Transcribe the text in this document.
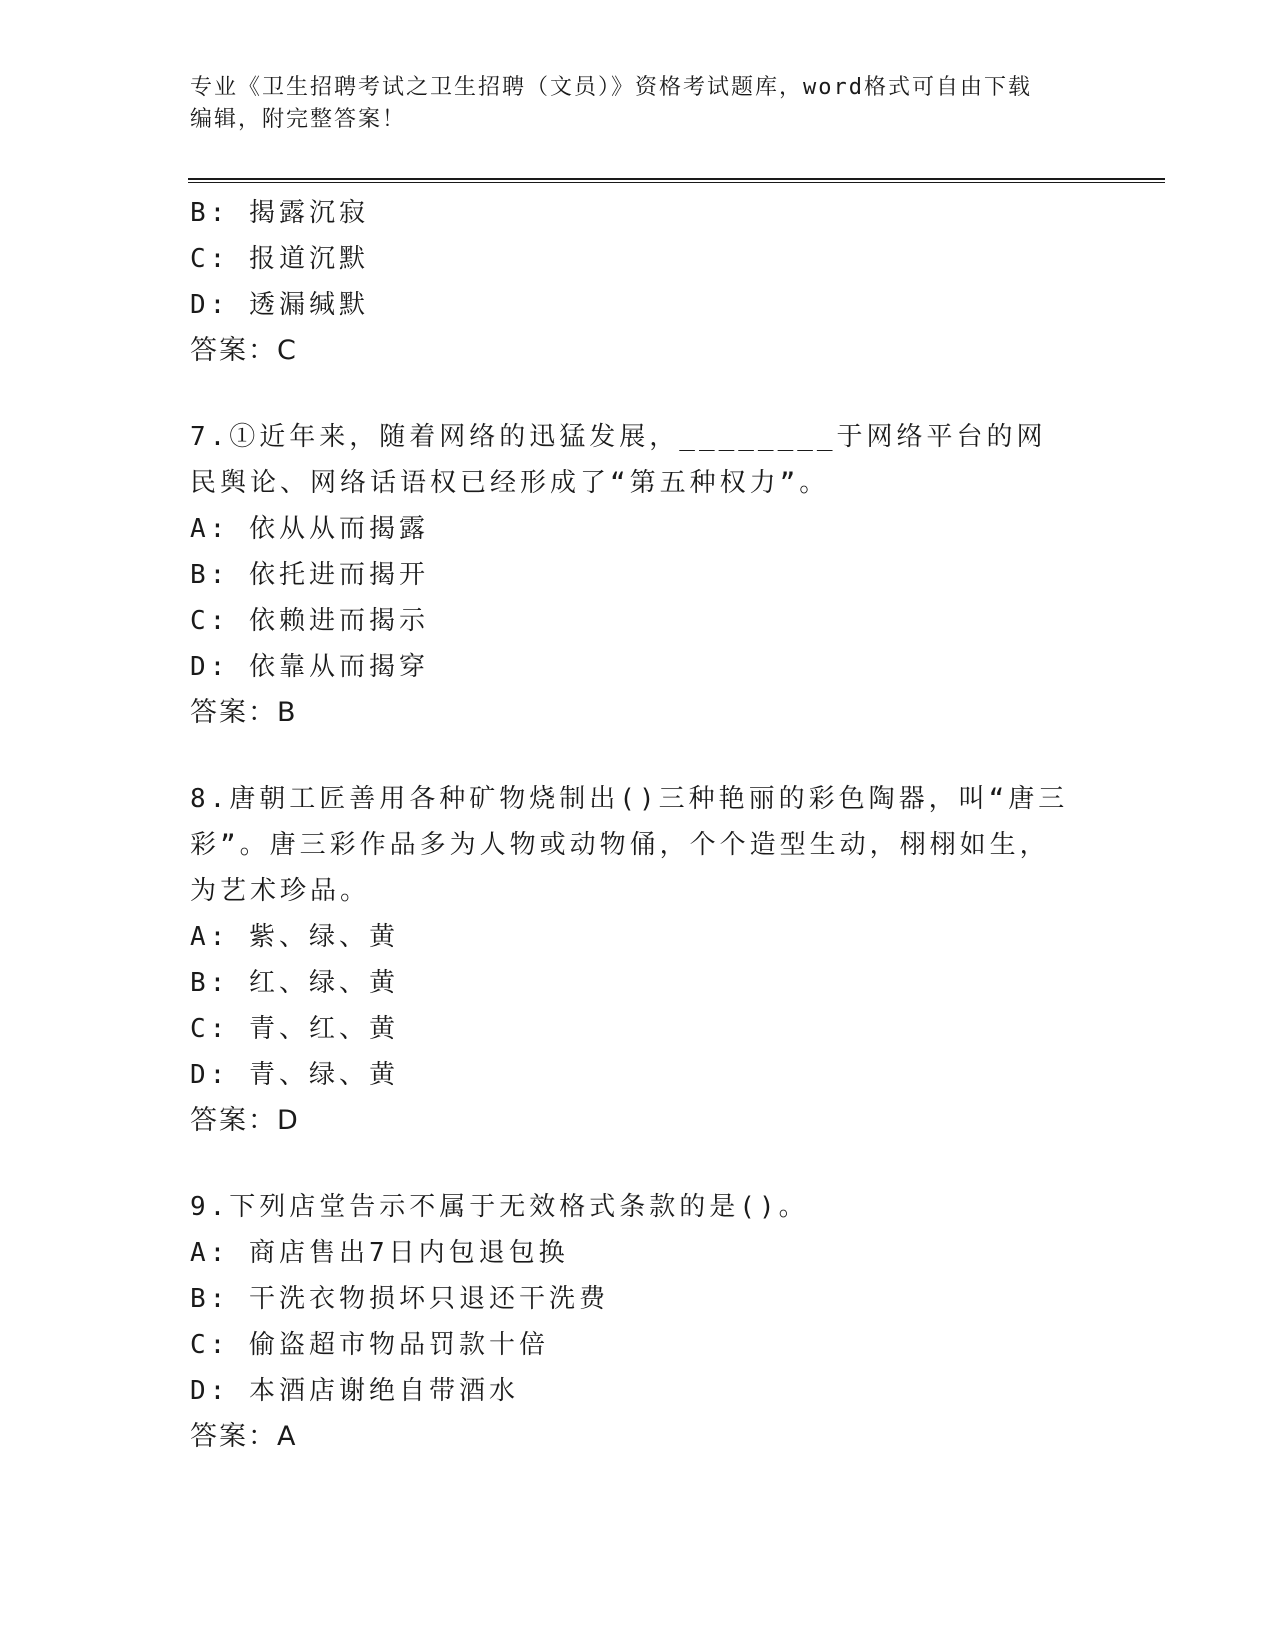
专业《卫生招聘考试之卫生招聘（文员）》资格考试题库，word格式可自由下载
编辑，附完整答案！
B: 揭露沉寂
C: 报道沉默
D: 透漏缄默
答案：C
7.①近年来，随着网络的迅猛发展，________于网络平台的网民舆论、网络话语权已经形成了“第五种权力”。
A: 依从从而揭露
B: 依托进而揭开
C: 依赖进而揭示
D: 依靠从而揭穿
答案：B
8.唐朝工匠善用各种矿物烧制出()三种艳丽的彩色陶器，叫“唐三彩”。唐三彩作品多为人物或动物俑，个个造型生动，栩栩如生，为艺术珍品。
A: 紫、绿、黄
B: 红、绿、黄
C: 青、红、黄
D: 青、绿、黄
答案：D
9.下列店堂告示不属于无效格式条款的是()。
A: 商店售出7日内包退包换
B: 干洗衣物损坏只退还干洗费
C: 偷盗超市物品罚款十倍
D: 本酒店谢绝自带酒水
答案：A
